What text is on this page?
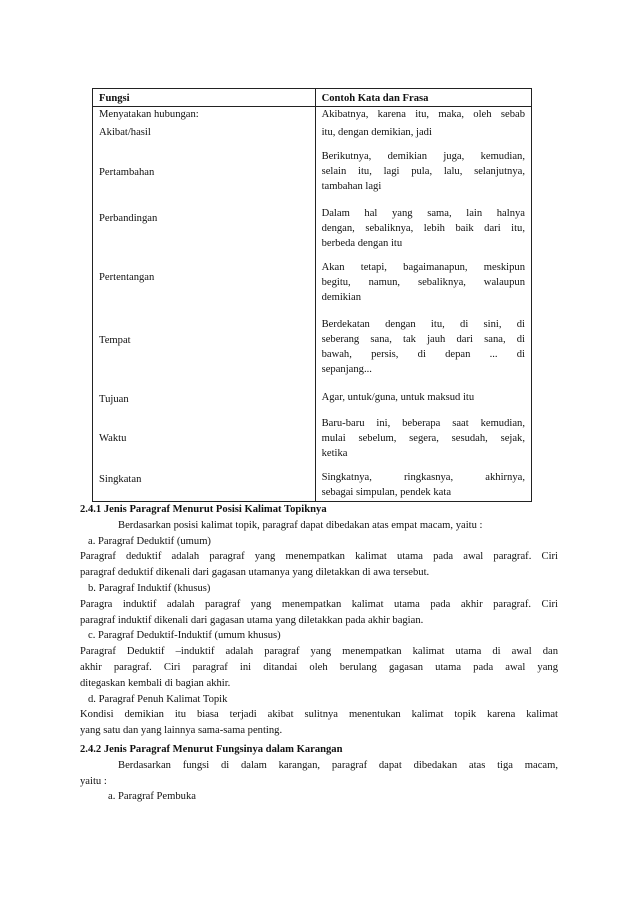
Fungsi	Contoh Kata dan Frasa

Menyatakan hubungan:
Akibat/hasil	Akibatnya, karena itu, maka, oleh sebab
itu, dengan demikian, jadi

Pertambahan	Berikutnya, demikian juga, kemudian,
selain itu, lagi pula, lalu, selanjutnya,
tambahan lagi

Perbandingan	Dalam hal yang sama, lain halnya
dengan, sebaliknya, lebih baik dari itu,
berbeda dengan itu

Pertentangan	Akan tetapi, bagaimanapun, meskipun
begitu, namun, sebaliknya, walaupun
demikian

Tempat	Berdekatan dengan itu, di sini, di
seberang sana, tak jauh dari sana, di
bawah, persis, di depan ... di
sepanjang...

Tujuan	Agar, untuk/guna, untuk maksud itu

Waktu	Baru-baru ini, beberapa saat kemudian,
mulai sebelum, segera, sesudah, sejak,
ketika

Singkatan	Singkatnya, ringkasnya, akhirnya,
sebagai simpulan, pendek kata
2.4.1 Jenis Paragraf Menurut Posisi Kalimat Topiknya
Berdasarkan posisi kalimat topik, paragraf dapat dibedakan atas empat macam, yaitu :
a. Paragraf Deduktif (umum)
Paragraf deduktif adalah paragraf yang menempatkan kalimat utama pada awal paragraf. Ciri
paragraf deduktif dikenali dari gagasan utamanya yang diletakkan di awa tersebut.
b. Paragraf Induktif (khusus)
Paragra induktif adalah paragraf yang menempatkan kalimat utama pada akhir paragraf. Ciri
paragraf induktif dikenali dari gagasan utama yang diletakkan pada akhir bagian.
c. Paragraf Deduktif-Induktif (umum khusus)
Paragraf Deduktif –induktif adalah paragraf yang menempatkan kalimat utama di awal dan
akhir paragraf. Ciri paragraf ini ditandai oleh berulang gagasan utama pada awal yang
ditegaskan kembali di bagian akhir.
d. Paragraf Penuh Kalimat Topik
Kondisi demikian itu biasa terjadi akibat sulitnya menentukan kalimat topik karena kalimat
yang satu dan yang lainnya sama-sama penting.
2.4.2 Jenis Paragraf Menurut Fungsinya dalam Karangan
Berdasarkan fungsi di dalam karangan, paragraf dapat dibedakan atas tiga macam,
yaitu :
a. Paragraf Pembuka
